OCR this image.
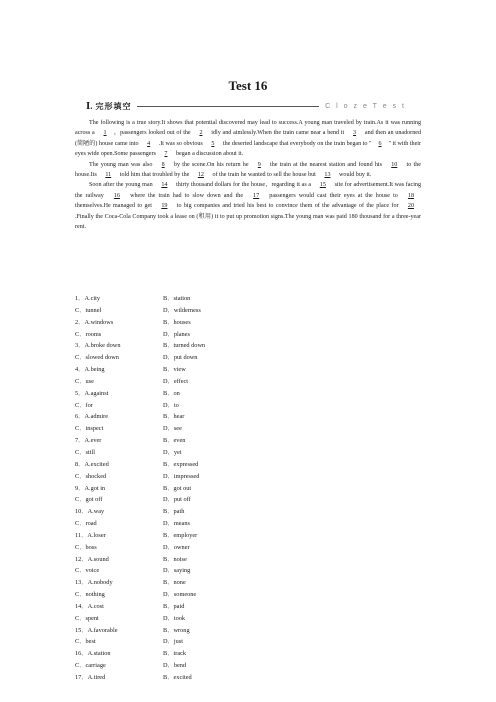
Test 16
Ⅰ. 完形填空	C l o z e T e s t

The following is a true story.It shows that potential discovered may lead to success.A young man traveled by train.As it was running across a 1 ，passengers looked out of the 2 idly and aimlessly.When the train came near a bend it 3 and then an unadorned (简陋的) house came into 4 .It was so obvious 5 the deserted landscape that everybody on the train began to " 6 " it with their eyes wide open.Some passengers 7 began a discussion about it.

The young man was also 8 by the scene.On his return he 9 the train at the nearest station and found his 10 to the house.Its 11 told him that troubled by the 12 of the train he wanted to sell the house but 13 would buy it.

Soon after the young man 14 thirty thousand dollars for the house，regarding it as a 15 site for advertisement.It was facing the railway 16 where the train had to slow down and the 17 passengers would cast their eyes at the house to 18 themselves.He managed to get 19 to big companies and tried his best to convince them of the advantage of the place for 20 .Finally the Coca-Cola Company took a lease on (租用) it to put up promotion signs.The young man was paid 180 thousand for a three-year rent.

1．A.city	B．station
C．tunnel	D．wilderness
2．A.windows	B．houses
C．rooms	D．planes
3．A.broke down	B．turned down
C．slowed down	D．put down
4．A.being	B．view
C．use	D．effect
5．A.against	B．on
C．for	D．to
6．A.admire	B．hear
C．inspect	D．see
7．A.ever	B．even
C．still	D．yet
8．A.excited	B．expressed
C．shocked	D．impressed
9．A.got in	B．got out
C．got off	D．put off
10．A.way	B．path
C．road	D．means
11．A.loser	B．employer
C．boss	D．owner
12．A.sound	B．noise
C．voice	D．saying
13．A.nobody	B．none
C．nothing	D．someone
14．A.cost	B．paid
C．spent	D．took
15．A.favorable	B．wrong
C．best	D．just
16．A.station	B．track
C．carriage	D．bend
17．A.tired	B．excited
